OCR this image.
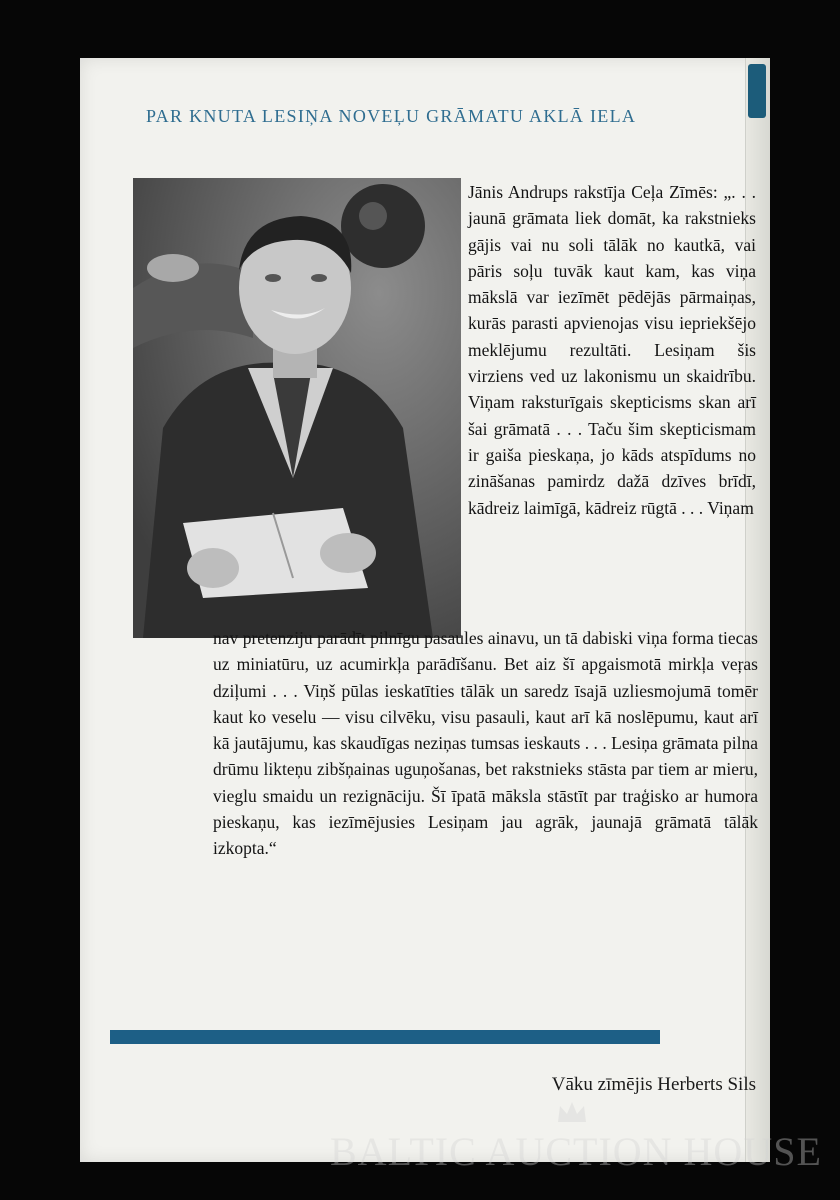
PAR KNUTA LESIŅA NOVEĻU GRĀMATU AKLĀ IELA
Jānis Andrups rakstīja Ceļa Zīmēs: „. . . jaunā grāmata liek domāt, ka rakstnieks gājis vai nu soli tālāk no kautkā, vai pāris soļu tuvāk kaut kam, kas viņa mākslā var iezīmēt pēdējās pārmaiņas, kurās parasti apvienojas visu iepriekšējo meklējumu rezultāti. Lesiņam šis virziens ved uz lakonismu un skaidrību. Viņam raksturīgais skepticisms skan arī šai grāmatā . . . Taču šim skepticismam ir gaiša pieskaņa, jo kāds atspīdums no zināšanas pamirdz dažā dzīves brīdī, kādreiz laimīgā, kādreiz rūgtā . . . Viņam
nav pretenziju parādīt pilnīgu pasaules ainavu, un tā dabiski viņa forma tiecas uz miniatūru, uz acumirkļa parādīšanu. Bet aiz šī apgaismotā mirkļa veŗas dziļumi . . . Viņš pūlas ieskatīties tālāk un saredz īsajā uzliesmojumā tomēr kaut ko veselu — visu cilvēku, visu pasauli, kaut arī kā noslēpumu, kaut arī kā jautājumu, kas skaudīgas neziņas tumsas ieskauts . . . Lesiņa grāmata pilna drūmu likteņu zibšņainas uguņošanas, bet rakstnieks stāsta par tiem ar mieru, vieglu smaidu un rezignāciju. Šī īpatā māksla stāstīt par traģisko ar humora pieskaņu, kas iezīmējusies Lesiņam jau agrāk, jaunajā grāmatā tālāk izkopta.“
Vāku zīmējis Herberts Sils
BALTIC AUCTION HOUSE
